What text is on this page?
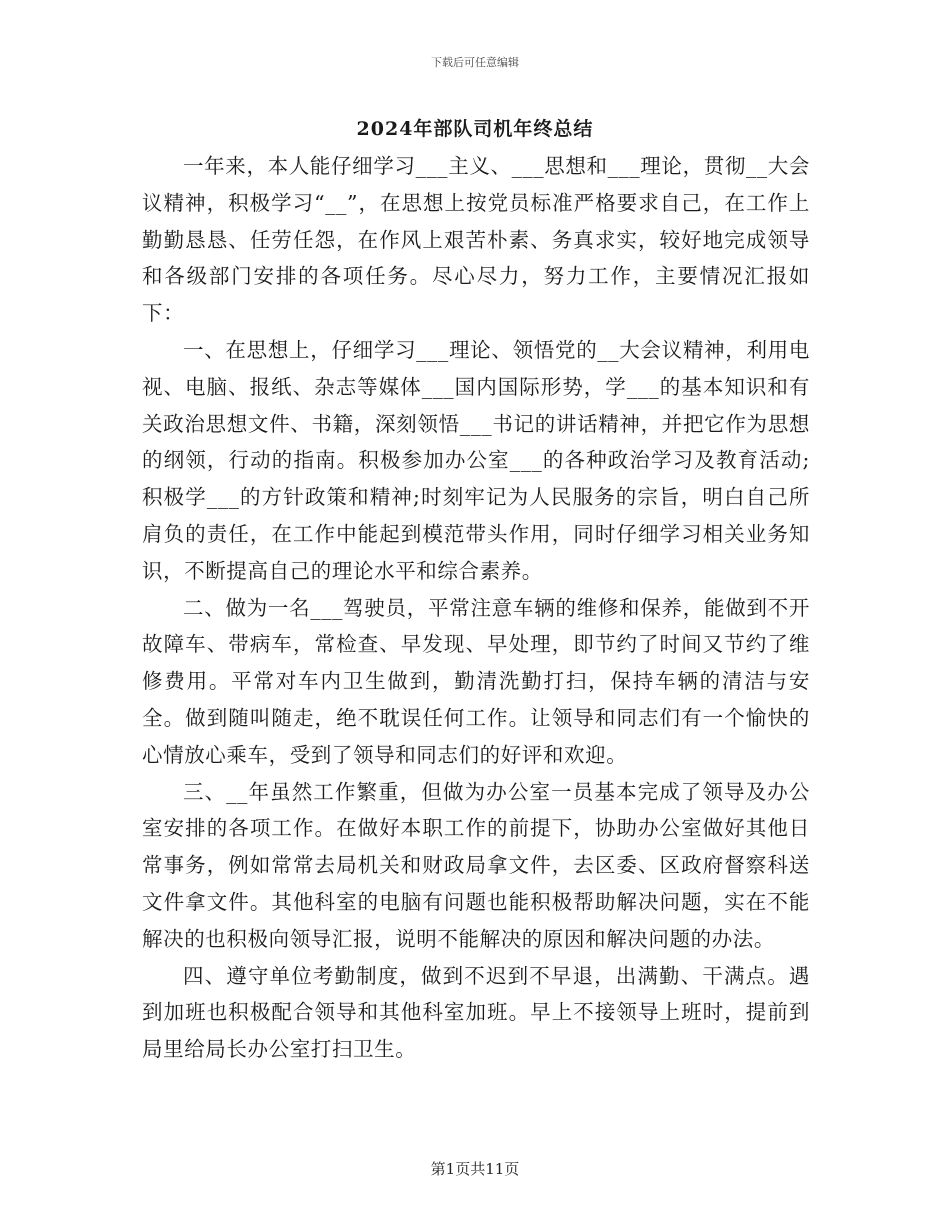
下载后可任意编辑
2024年部队司机年终总结

一年来，本人能仔细学习___主义、___思想和___理论，贯彻__大会议精神，积极学习“__”，在思想上按党员标准严格要求自己，在工作上勤勤恳恳、任劳任怨，在作风上艰苦朴素、务真求实，较好地完成领导和各级部门安排的各项任务。尽心尽力，努力工作，主要情况汇报如下：

一、在思想上，仔细学习___理论、领悟党的__大会议精神，利用电视、电脑、报纸、杂志等媒体___国内国际形势，学___的基本知识和有关政治思想文件、书籍，深刻领悟___书记的讲话精神，并把它作为思想的纲领，行动的指南。积极参加办公室___的各种政治学习及教育活动;积极学___的方针政策和精神;时刻牢记为人民服务的宗旨，明白自己所肩负的责任，在工作中能起到模范带头作用，同时仔细学习相关业务知识，不断提高自己的理论水平和综合素养。

二、做为一名___驾驶员，平常注意车辆的维修和保养，能做到不开故障车、带病车，常检查、早发现、早处理，即节约了时间又节约了维修费用。平常对车内卫生做到，勤清洗勤打扫，保持车辆的清洁与安全。做到随叫随走，绝不耽误任何工作。让领导和同志们有一个愉快的心情放心乘车，受到了领导和同志们的好评和欢迎。

三、__年虽然工作繁重，但做为办公室一员基本完成了领导及办公室安排的各项工作。在做好本职工作的前提下，协助办公室做好其他日常事务，例如常常去局机关和财政局拿文件，去区委、区政府督察科送文件拿文件。其他科室的电脑有问题也能积极帮助解决问题，实在不能解决的也积极向领导汇报，说明不能解决的原因和解决问题的办法。

四、遵守单位考勤制度，做到不迟到不早退，出满勤、干满点。遇到加班也积极配合领导和其他科室加班。早上不接领导上班时，提前到局里给局长办公室打扫卫生。

第1页共11页
